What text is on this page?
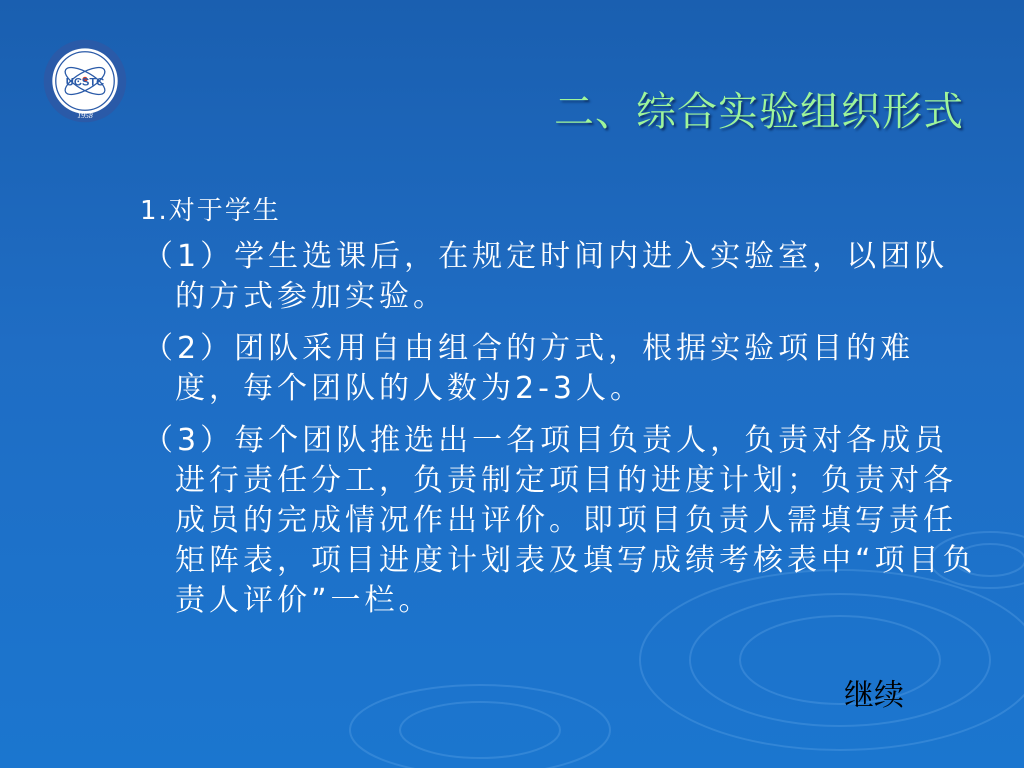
UϾSTC
1958	二、综合实验组织形式
1.对于学生
（1）学生选课后，在规定时间内进入实验室，以团队的方式参加实验。
（2）团队采用自由组合的方式，根据实验项目的难度，每个团队的人数为2-3人。
（3）每个团队推选出一名项目负责人，负责对各成员进行责任分工，负责制定项目的进度计划；负责对各成员的完成情况作出评价。即项目负责人需填写责任矩阵表，项目进度计划表及填写成绩考核表中“项目负责人评价”一栏。
继续
